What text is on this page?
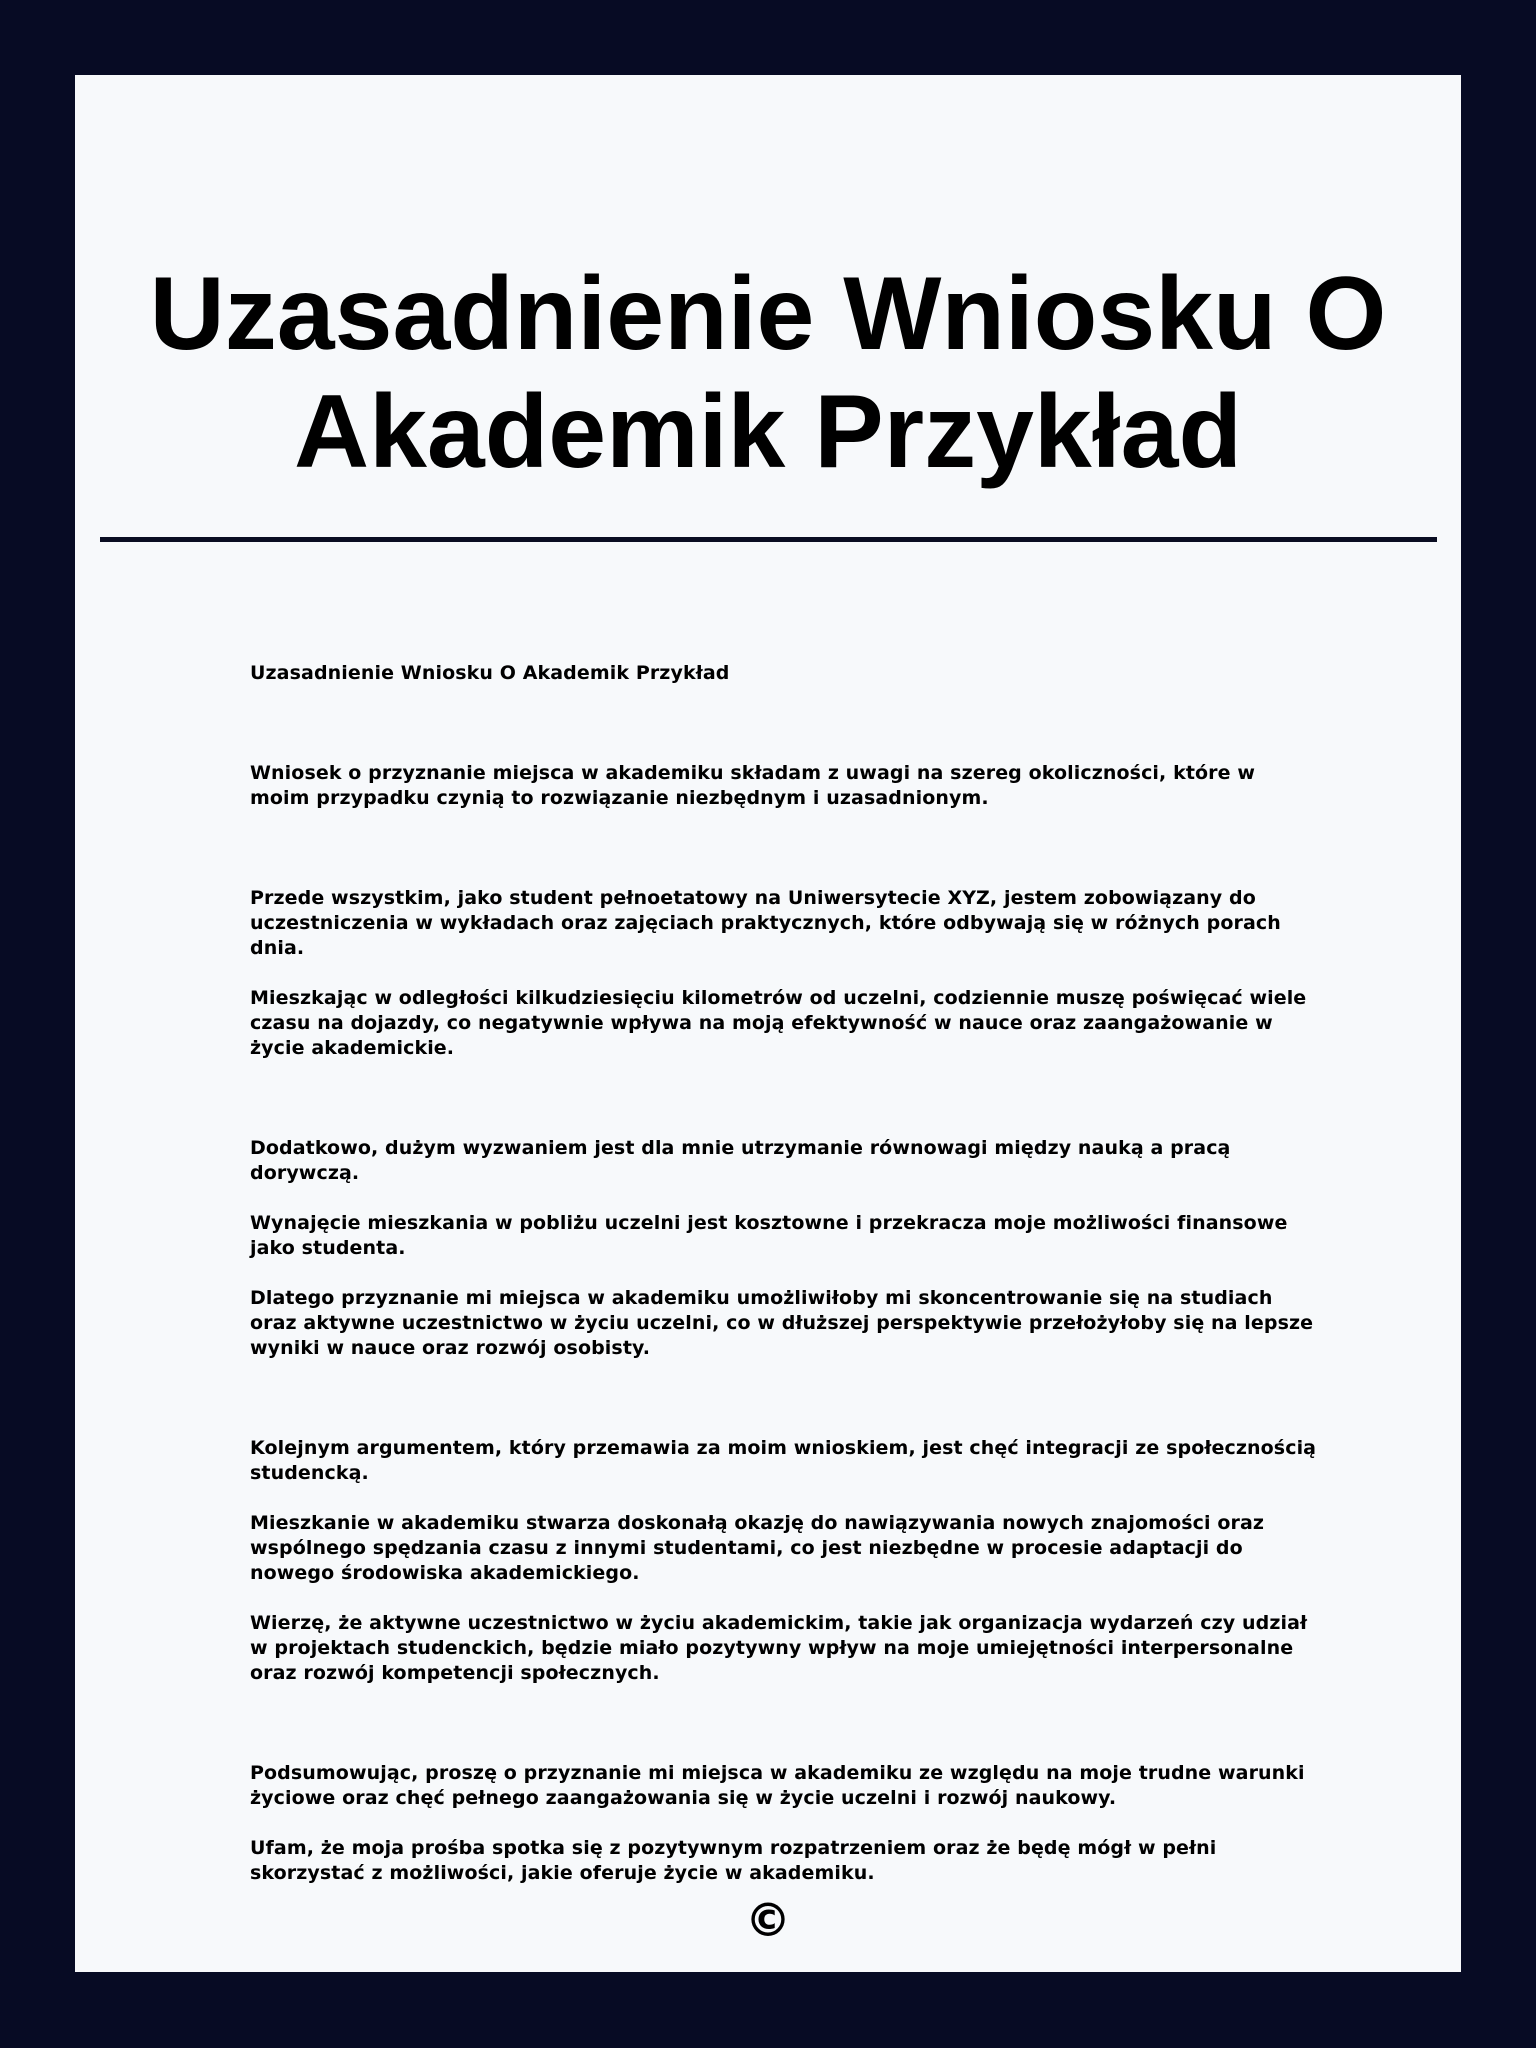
Uzasadnienie Wniosku O Akademik Przykład

Uzasadnienie Wniosku O Akademik Przykład

Wniosek o przyznanie miejsca w akademiku składam z uwagi na szereg okoliczności, które w moim przypadku czynią to rozwiązanie niezbędnym i uzasadnionym.

Przede wszystkim, jako student pełnoetatowy na Uniwersytecie XYZ, jestem zobowiązany do uczestniczenia w wykładach oraz zajęciach praktycznych, które odbywają się w różnych porach dnia.

Mieszkając w odległości kilkudziesięciu kilometrów od uczelni, codziennie muszę poświęcać wiele czasu na dojazdy, co negatywnie wpływa na moją efektywność w nauce oraz zaangażowanie w życie akademickie.

Dodatkowo, dużym wyzwaniem jest dla mnie utrzymanie równowagi między nauką a pracą dorywczą.

Wynajęcie mieszkania w pobliżu uczelni jest kosztowne i przekracza moje możliwości finansowe jako studenta.

Dlatego przyznanie mi miejsca w akademiku umożliwiłoby mi skoncentrowanie się na studiach oraz aktywne uczestnictwo w życiu uczelni, co w dłuższej perspektywie przełożyłoby się na lepsze wyniki w nauce oraz rozwój osobisty.

Kolejnym argumentem, który przemawia za moim wnioskiem, jest chęć integracji ze społecznością studencką.

Mieszkanie w akademiku stwarza doskonałą okazję do nawiązywania nowych znajomości oraz wspólnego spędzania czasu z innymi studentami, co jest niezbędne w procesie adaptacji do nowego środowiska akademickiego.

Wierzę, że aktywne uczestnictwo w życiu akademickim, takie jak organizacja wydarzeń czy udział w projektach studenckich, będzie miało pozytywny wpływ na moje umiejętności interpersonalne oraz rozwój kompetencji społecznych.

Podsumowując, proszę o przyznanie mi miejsca w akademiku ze względu na moje trudne warunki życiowe oraz chęć pełnego zaangażowania się w życie uczelni i rozwój naukowy.

Ufam, że moja prośba spotka się z pozytywnym rozpatrzeniem oraz że będę mógł w pełni skorzystać z możliwości, jakie oferuje życie w akademiku.

©
